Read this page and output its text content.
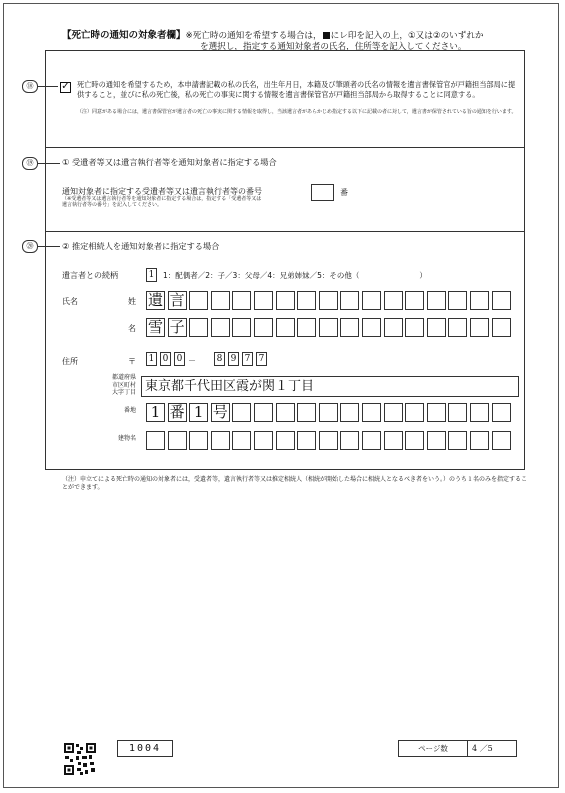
【死亡時の通知の対象者欄】※死亡時の通知を希望する場合は， にレ印を記入の上，①又は②のいずれか
を選択し，指定する通知対象者の氏名，住所等を記入してください。
⑱	✓ 死亡時の通知を希望するため，本申請書記載の私の氏名，出生年月日，本籍及び筆頭者の氏名の情報を遺言書保管官が戸籍担当部局に提供すること，並びに私の死亡後，私の死亡の事実に関する情報を遺言書保管官が戸籍担当部局から取得することに同意する。
（注）同意がある場合には，遺言書保管官が遺言者の死亡の事実に関する情報を取得し，当該遺言者があらかじめ指定する以下に記載の者に対して，遺言書が保管されている旨の通知を行います。
⑲	① 受遺者等又は遺言執行者等を通知対象者に指定する場合
通知対象者に指定する受遺者等又は遺言執行者等の番号
（※受遺者等又は遺言執行者等を通知対象者に指定する場合は，指定する「受遺者等又は遺言執行者等の番号」を記入してください。
番
⑳	② 推定相続人を通知対象者に指定する場合
遺言者との続柄	1	1：配偶者／2：子／3：父母／4：兄弟姉妹／5：その他（　　　　　　　　）
氏名	姓 遺 言
名 雪 子
住所	〒 1 0 0	8 9 7 7
－
都道府県
市区町村
大字丁目 東京都千代田区霞が関１丁目
番地 1 番 1 号
建物名
（注）申立てによる死亡時の通知の対象者には，受遺者等，遺言執行者等又は推定相続人（相続が開始した場合に相続人となるべき者をいう。）のうち１名のみを指定することができます。
1004	ページ数	4 ／5
